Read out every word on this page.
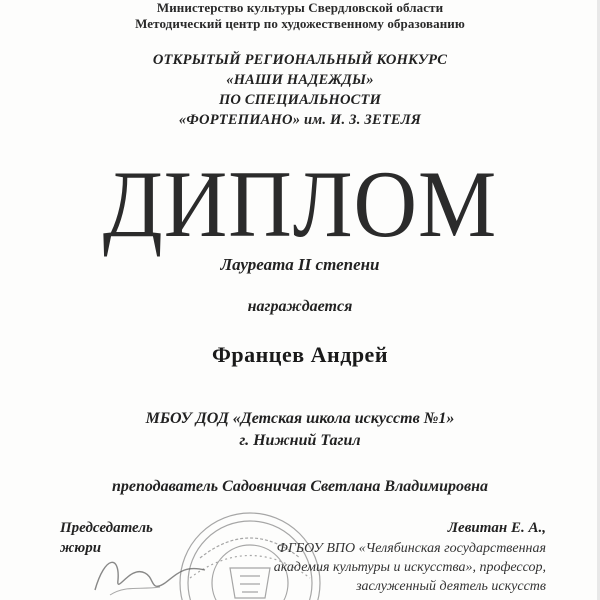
Министерство культуры Свердловской области
Методический центр по художественному образованию
ОТКРЫТЫЙ РЕГИОНАЛЬНЫЙ КОНКУРС
«НАШИ НАДЕЖДЫ»
ПО СПЕЦИАЛЬНОСТИ
«ФОРТЕПИАНО» им. И. З. ЗЕТЕЛЯ
ДИПЛОМ
Лауреата II степени
награждается
Францев Андрей
МБОУ ДОД «Детская школа искусств №1»
г. Нижний Тагил
преподаватель Садовничая Светлана Владимировна
Председатель
жюри
Левитан Е. А.,
ФГБОУ ВПО «Челябинская государственная
академия культуры и искусства», профессор,
заслуженный деятель искусств
